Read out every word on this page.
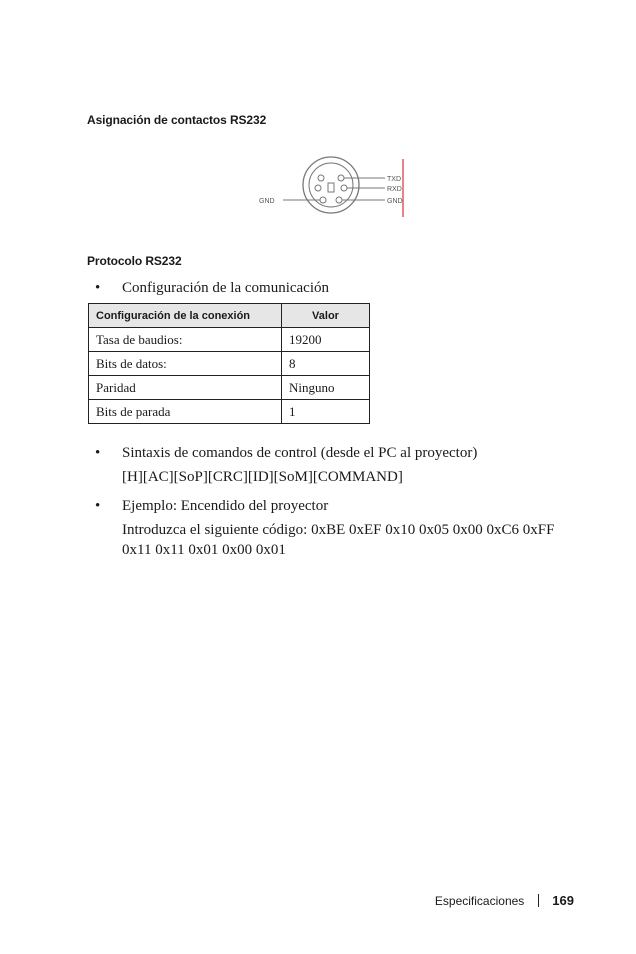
Asignación de contactos RS232
GND
TXD
RXD
GND
Protocolo RS232
• Configuración de la comunicación
Configuración de la conexión	Valor
Tasa de baudios:	19200
Bits de datos:	8
Paridad	Ninguno
Bits de parada	1
• Sintaxis de comandos de control (desde el PC al proyector)
[H][AC][SoP][CRC][ID][SoM][COMMAND]
• Ejemplo: Encendido del proyector
Introduzca el siguiente código: 0xBE 0xEF 0x10 0x05 0x00 0xC6 0xFF
0x11 0x11 0x01 0x00 0x01
Especificaciones 169
